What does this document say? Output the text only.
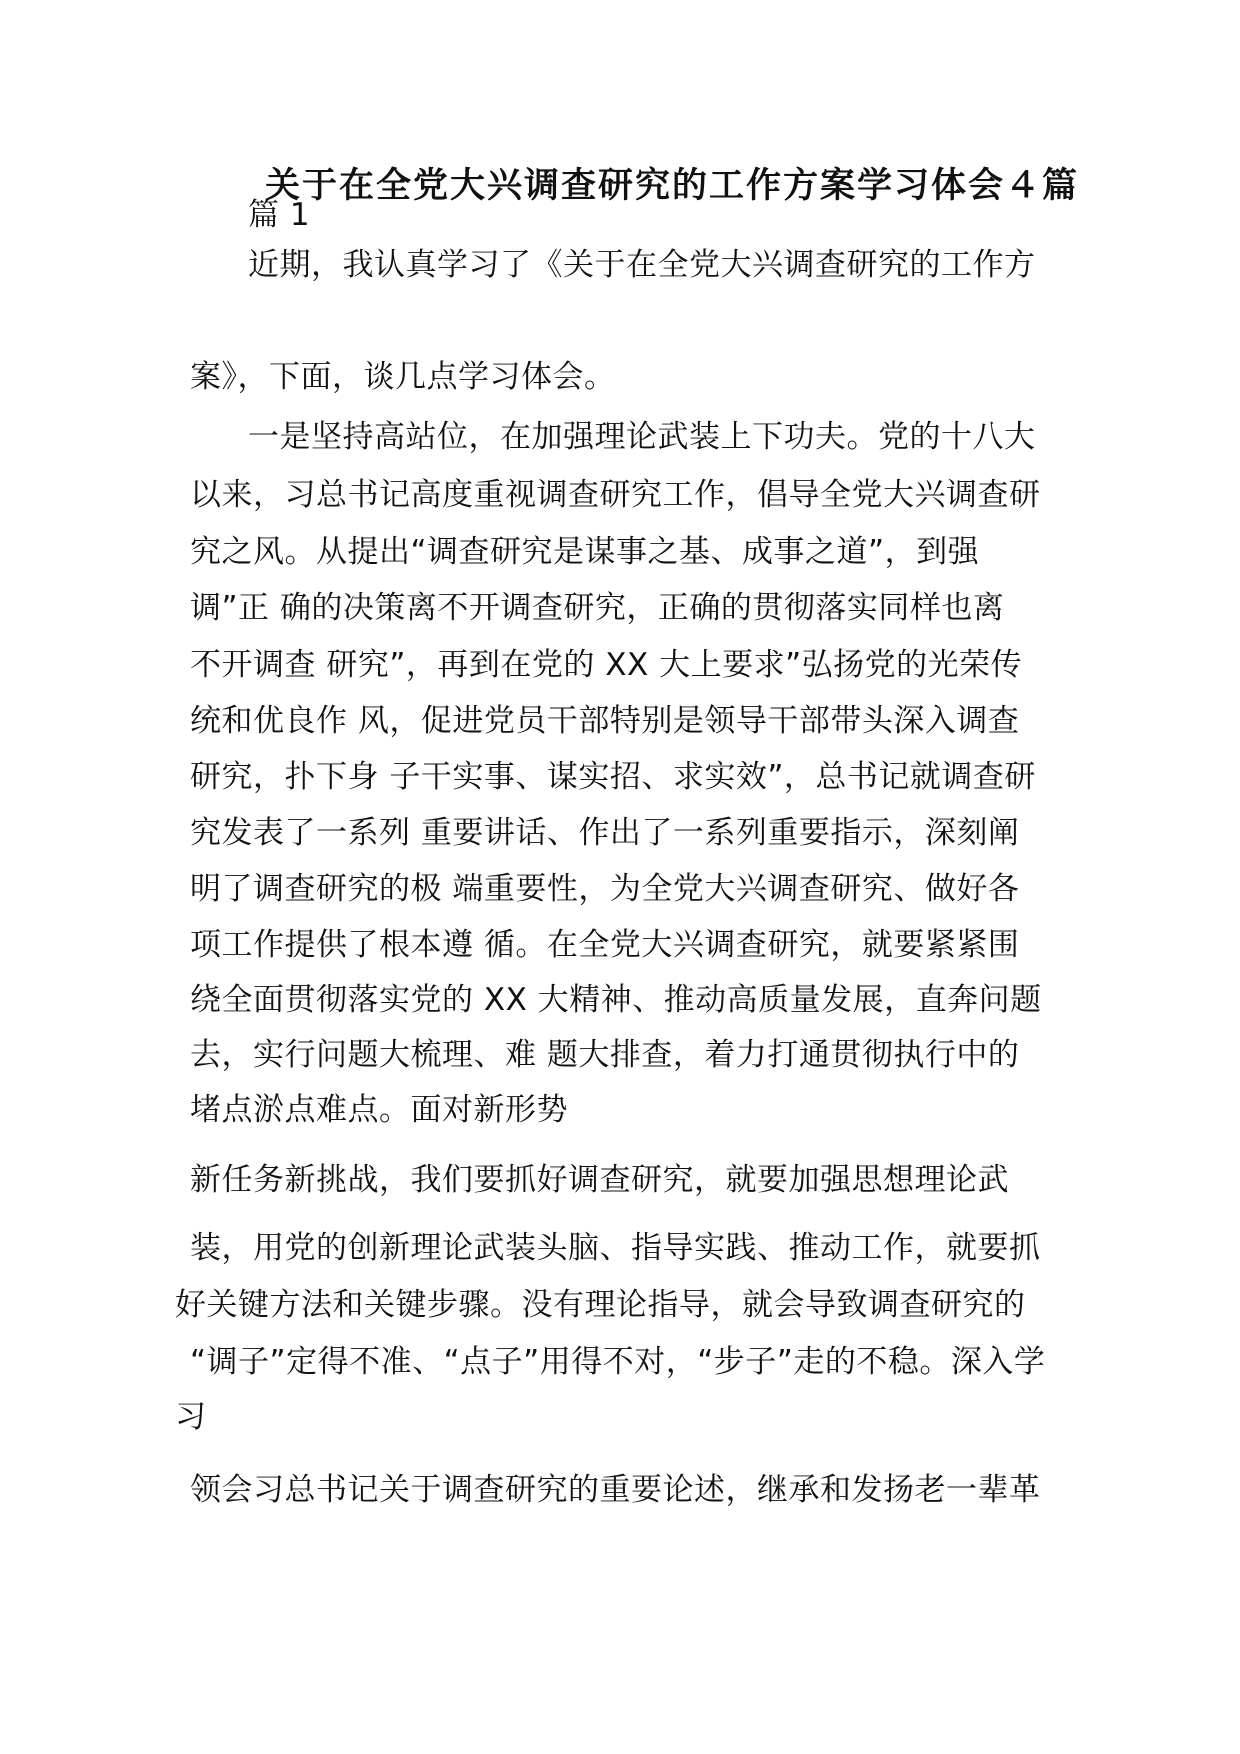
关于在全党大兴调查研究的工作方案学习体会４篇
篇 1
近期，我认真学习了《关于在全党大兴调查研究的工作方
案》，下面，谈几点学习体会。
一是坚持高站位，在加强理论武装上下功夫。党的十八大
以来，习总书记高度重视调查研究工作，倡导全党大兴调查研
究之风。从提出“调查研究是谋事之基、成事之道”，到强
调”正 确的决策离不开调查研究，正确的贯彻落实同样也离
不开调查 研究”，再到在党的 XX 大上要求”弘扬党的光荣传
统和优良作 风，促进党员干部特别是领导干部带头深入调查
研究，扑下身 子干实事、谋实招、求实效”，总书记就调查研
究发表了一系列 重要讲话、作出了一系列重要指示，深刻阐
明了调查研究的极 端重要性，为全党大兴调查研究、做好各
项工作提供了根本遵 循。在全党大兴调查研究，就要紧紧围
绕全面贯彻落实党的 XX 大精神、推动高质量发展，直奔问题
去，实行问题大梳理、难 题大排查，着力打通贯彻执行中的
堵点淤点难点。面对新形势
新任务新挑战，我们要抓好调查研究，就要加强思想理论武
装，用党的创新理论武装头脑、指导实践、推动工作，就要抓
好关键方法和关键步骤。没有理论指导，就会导致调查研究的
“调子”定得不准、“点子”用得不对，“步子”走的不稳。深入学
习
领会习总书记关于调查研究的重要论述，继承和发扬老一辈革
